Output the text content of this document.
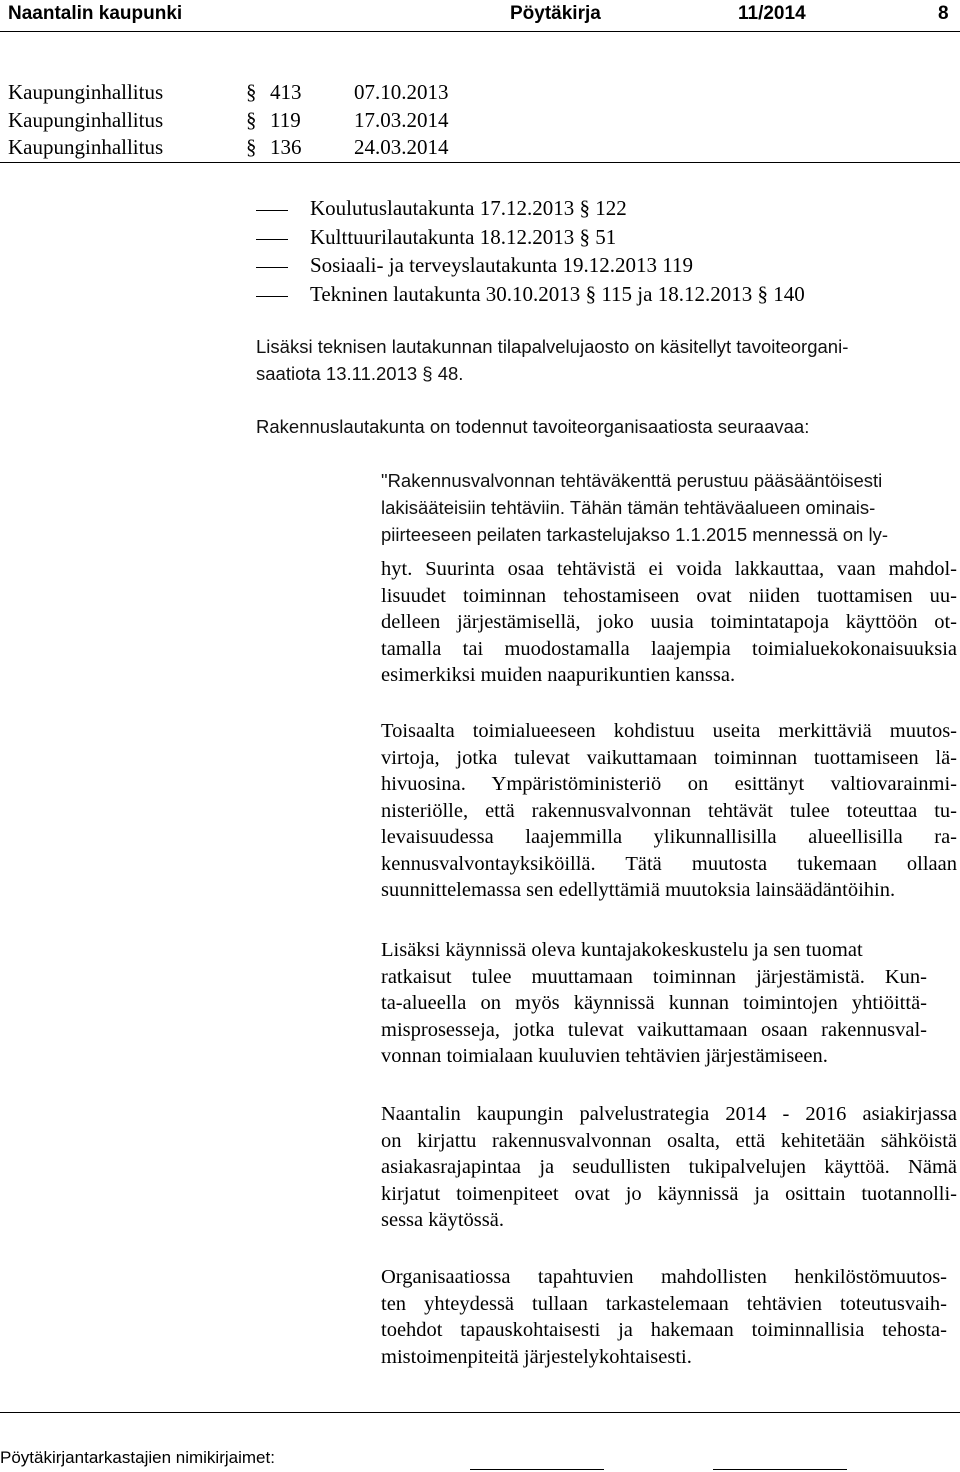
Naantalin kaupunki	Pöytäkirja	11/2014	8
Kaupunginhallitus	§ 413	07.10.2013
Kaupunginhallitus	§ 119	17.03.2014
Kaupunginhallitus	§ 136	24.03.2014
Koulutuslautakunta 17.12.2013 § 122
Kulttuurilautakunta 18.12.2013 § 51
Sosiaali- ja terveyslautakunta 19.12.2013 119
Tekninen lautakunta 30.10.2013 § 115 ja 18.12.2013 § 140
Lisäksi teknisen lautakunnan tilapalvelujaosto on käsitellyt tavoiteorgani-
saatiota 13.11.2013 § 48.
Rakennuslautakunta on todennut tavoiteorganisaatiosta seuraavaa:
"Rakennusvalvonnan tehtäväkenttä perustuu pääsääntöisesti
lakisääteisiin tehtäviin. Tähän tämän tehtäväalueen ominais-
piirteeseen peilaten tarkastelujakso 1.1.2015 mennessä on ly-
hyt. Suurinta osaa tehtävistä ei voida lakkauttaa, vaan mahdol-
lisuudet toiminnan tehostamiseen ovat niiden tuottamisen uu-
delleen järjestämisellä, joko uusia toimintatapoja käyttöön ot-
tamalla tai muodostamalla laajempia toimialuekokonaisuuksia
esimerkiksi muiden naapurikuntien kanssa.
Toisaalta toimialueeseen kohdistuu useita merkittäviä muutos-
virtoja, jotka tulevat vaikuttamaan toiminnan tuottamiseen lä-
hivuosina. Ympäristöministeriö on esittänyt valtiovarainmi-
nisteriölle, että rakennusvalvonnan tehtävät tulee toteuttaa tu-
levaisuudessa laajemmilla ylikunnallisilla alueellisilla ra-
kennusvalvontayksiköillä. Tätä muutosta tukemaan ollaan
suunnittelemassa sen edellyttämiä muutoksia lainsäädäntöihin.
Lisäksi käynnissä oleva kuntajakokeskustelu ja sen tuomat
ratkaisut tulee muuttamaan toiminnan järjestämistä. Kun-
ta-alueella on myös käynnissä kunnan toimintojen yhtiöittä-
misprosesseja, jotka tulevat vaikuttamaan osaan rakennusval-
vonnan toimialaan kuuluvien tehtävien järjestämiseen.
Naantalin kaupungin palvelustrategia 2014 - 2016 asiakirjassa
on kirjattu rakennusvalvonnan osalta, että kehitetään sähköistä
asiakasrajapintaa ja seudullisten tukipalvelujen käyttöä. Nämä
kirjatut toimenpiteet ovat jo käynnissä ja osittain tuotannolli-
sessa käytössä.
Organisaatiossa tapahtuvien mahdollisten henkilöstömuutos-
ten yhteydessä tullaan tarkastelemaan tehtävien toteutusvaih-
toehdot tapauskohtaisesti ja hakemaan toiminnallisia tehosta-
mistoimenpiteitä järjestelykohtaisesti.
Pöytäkirjantarkastajien nimikirjaimet:
